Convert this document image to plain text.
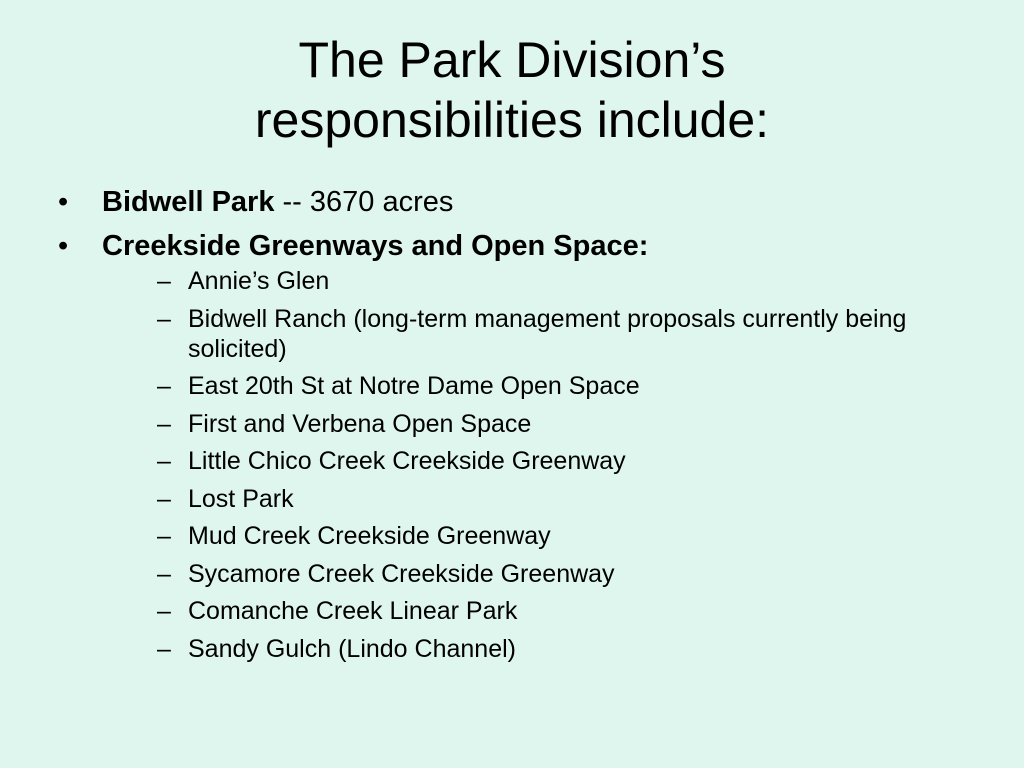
The Park Division’s
responsibilities include:
• Bidwell Park -- 3670 acres
• Creekside Greenways and Open Space:
– Annie’s Glen
– Bidwell Ranch (long-term management proposals currently being solicited)
– East 20th St at Notre Dame Open Space
– First and Verbena Open Space
– Little Chico Creek Creekside Greenway
– Lost Park
– Mud Creek Creekside Greenway
– Sycamore Creek Creekside Greenway
– Comanche Creek Linear Park
– Sandy Gulch (Lindo Channel)
